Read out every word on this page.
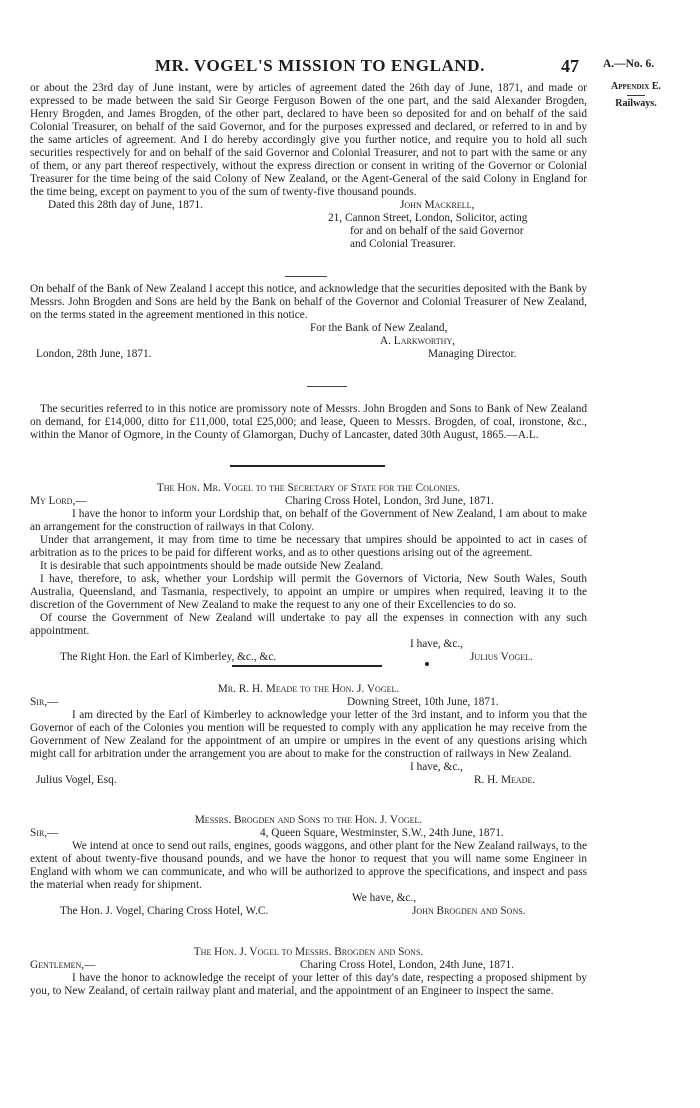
MR. VOGEL'S MISSION TO ENGLAND.	47 A.—No. 6.
Appendix E.
Railways.

or about the 23rd day of June instant, were by articles of agreement dated the 26th day of June, 1871, and made or expressed to be made between the said Sir George Ferguson Bowen of the one part, and the said Alexander Brogden, Henry Brogden, and James Brogden, of the other part, declared to have been so deposited for and on behalf of the said Colonial Treasurer, on behalf of the said Governor, and for the purposes expressed and declared, or referred to in and by the same articles of agreement. And I do hereby accordingly give you further notice, and require you to hold all such securities respectively for and on behalf of the said Governor and Colonial Treasurer, and not to part with the same or any of them, or any part thereof respectively, without the express direction or consent in writing of the Governor or Colonial Treasurer for the time being of the said Colony of New Zealand, or the Agent-General of the said Colony in England for the time being, except on payment to you of the sum of twenty-five thousand pounds.

Dated this 28th day of June, 1871.	John Mackrell,
21, Cannon Street, London, Solicitor, acting
for and on behalf of the said Governor
and Colonial Treasurer.

On behalf of the Bank of New Zealand I accept this notice, and acknowledge that the securities deposited with the Bank by Messrs. John Brogden and Sons are held by the Bank on behalf of the Governor and Colonial Treasurer of New Zealand, on the terms stated in the agreement mentioned in this notice.

For the Bank of New Zealand,
A. Larkworthy,
London, 28th June, 1871.	Managing Director.

The securities referred to in this notice are promissory note of Messrs. John Brogden and Sons to Bank of New Zealand on demand, for £14,000, ditto for £11,000, total £25,000; and lease, Queen to Messrs. Brogden, of coal, ironstone, &c., within the Manor of Ogmore, in the County of Glamorgan, Duchy of Lancaster, dated 30th August, 1865.—A.L.

The Hon. Mr. Vogel to the Secretary of State for the Colonies.
My Lord,—	Charing Cross Hotel, London, 3rd June, 1871.

I have the honor to inform your Lordship that, on behalf of the Government of New Zealand, I am about to make an arrangement for the construction of railways in that Colony.

Under that arrangement, it may from time to time be necessary that umpires should be appointed to act in cases of arbitration as to the prices to be paid for different works, and as to other questions arising out of the agreement.

It is desirable that such appointments should be made outside New Zealand.

I have, therefore, to ask, whether your Lordship will permit the Governors of Victoria, New South Wales, South Australia, Queensland, and Tasmania, respectively, to appoint an umpire or umpires when required, leaving it to the discretion of the Government of New Zealand to make the request to any one of their Excellencies to do so.

Of course the Government of New Zealand will undertake to pay all the expenses in connection with any such appointment.

I have, &c.,
The Right Hon. the Earl of Kimberley, &c., &c.	Julius Vogel.
Mr. R. H. Meade to the Hon. J. Vogel.
Sir,—	Downing Street, 10th June, 1871.

I am directed by the Earl of Kimberley to acknowledge your letter of the 3rd instant, and to inform you that the Governor of each of the Colonies you mention will be requested to comply with any application he may receive from the Government of New Zealand for the appointment of an umpire or umpires in the event of any questions arising which might call for arbitration under the arrangement you are about to make for the construction of railways in New Zealand.

I have, &c.,
Julius Vogel, Esq.	R. H. Meade.
Messrs. Brogden and Sons to the Hon. J. Vogel.
Sir,—	4, Queen Square, Westminster, S.W., 24th June, 1871.

We intend at once to send out rails, engines, goods waggons, and other plant for the New Zealand railways, to the extent of about twenty-five thousand pounds, and we have the honor to request that you will name some Engineer in England with whom we can communicate, and who will be authorized to approve the specifications, and inspect and pass the material when ready for shipment.

We have, &c.,
The Hon. J. Vogel, Charing Cross Hotel, W.C.	John Brogden and Sons.
The Hon. J. Vogel to Messrs. Brogden and Sons.
Gentlemen,—	Charing Cross Hotel, London, 24th June, 1871.

I have the honor to acknowledge the receipt of your letter of this day's date, respecting a proposed shipment by you, to New Zealand, of certain railway plant and material, and the appointment of an Engineer to inspect the same.
